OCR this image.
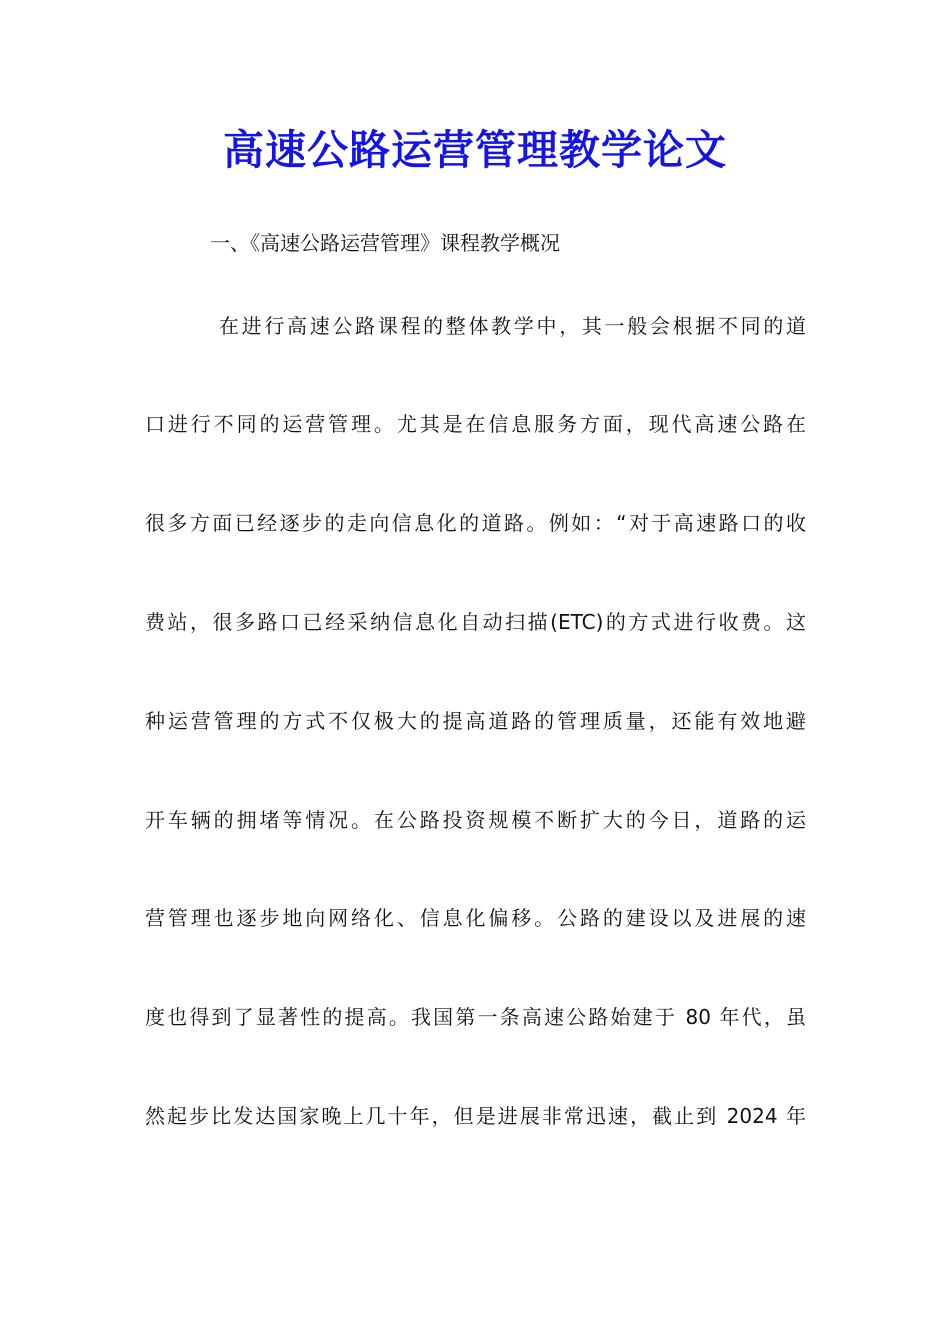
高速公路运营管理教学论文
一、《高速公路运营管理》课程教学概况
在进行高速公路课程的整体教学中，其一般会根据不同的道
口进行不同的运营管理。尤其是在信息服务方面，现代高速公路在
很多方面已经逐步的走向信息化的道路。例如：“对于高速路口的收
费站，很多路口已经采纳信息化自动扫描(ETC)的方式进行收费。这
种运营管理的方式不仅极大的提高道路的管理质量，还能有效地避
开车辆的拥堵等情况。在公路投资规模不断扩大的今日，道路的运
营管理也逐步地向网络化、信息化偏移。公路的建设以及进展的速
度也得到了显著性的提高。我国第一条高速公路始建于 80 年代，虽
然起步比发达国家晚上几十年，但是进展非常迅速，截止到 2024 年
